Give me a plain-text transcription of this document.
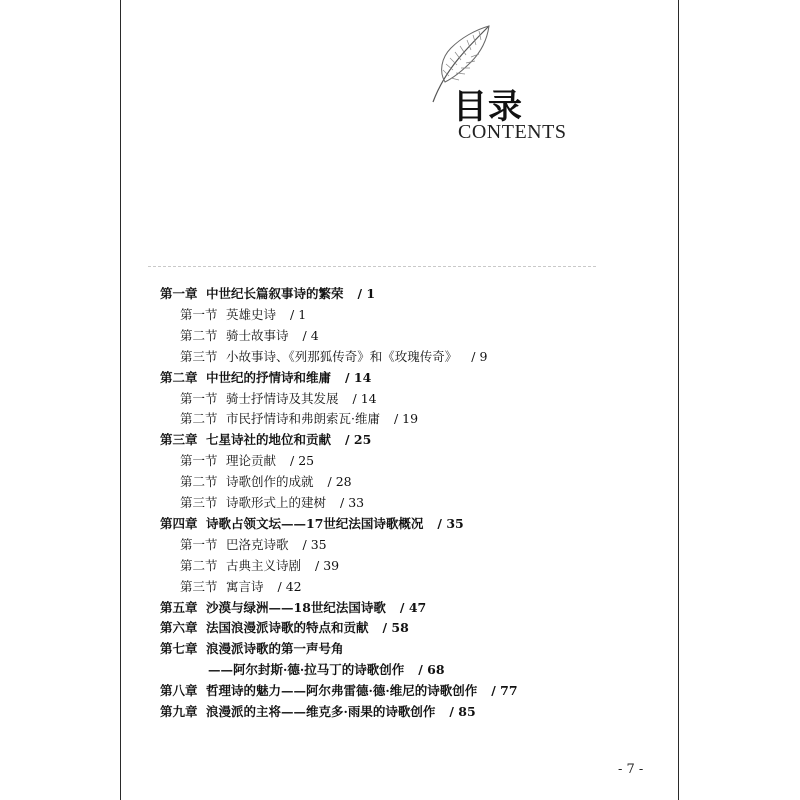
目录
CONTENTS
第一章 中世纪长篇叙事诗的繁荣 / 1
第一节 英雄史诗 / 1
第二节 骑士故事诗 / 4
第三节 小故事诗、《列那狐传奇》和《玫瑰传奇》 / 9
第二章 中世纪的抒情诗和维庸 / 14
第一节 骑士抒情诗及其发展 / 14
第二节 市民抒情诗和弗朗索瓦·维庸 / 19
第三章 七星诗社的地位和贡献 / 25
第一节 理论贡献 / 25
第二节 诗歌创作的成就 / 28
第三节 诗歌形式上的建树 / 33
第四章 诗歌占领文坛——17世纪法国诗歌概况 / 35
第一节 巴洛克诗歌 / 35
第二节 古典主义诗剧 / 39
第三节 寓言诗 / 42
第五章 沙漠与绿洲——18世纪法国诗歌 / 47
第六章 法国浪漫派诗歌的特点和贡献 / 58
第七章 浪漫派诗歌的第一声号角
——阿尔封斯·德·拉马丁的诗歌创作 / 68
第八章 哲理诗的魅力——阿尔弗雷德·德·维尼的诗歌创作 / 77
第九章 浪漫派的主将——维克多·雨果的诗歌创作 / 85
- 7 -
